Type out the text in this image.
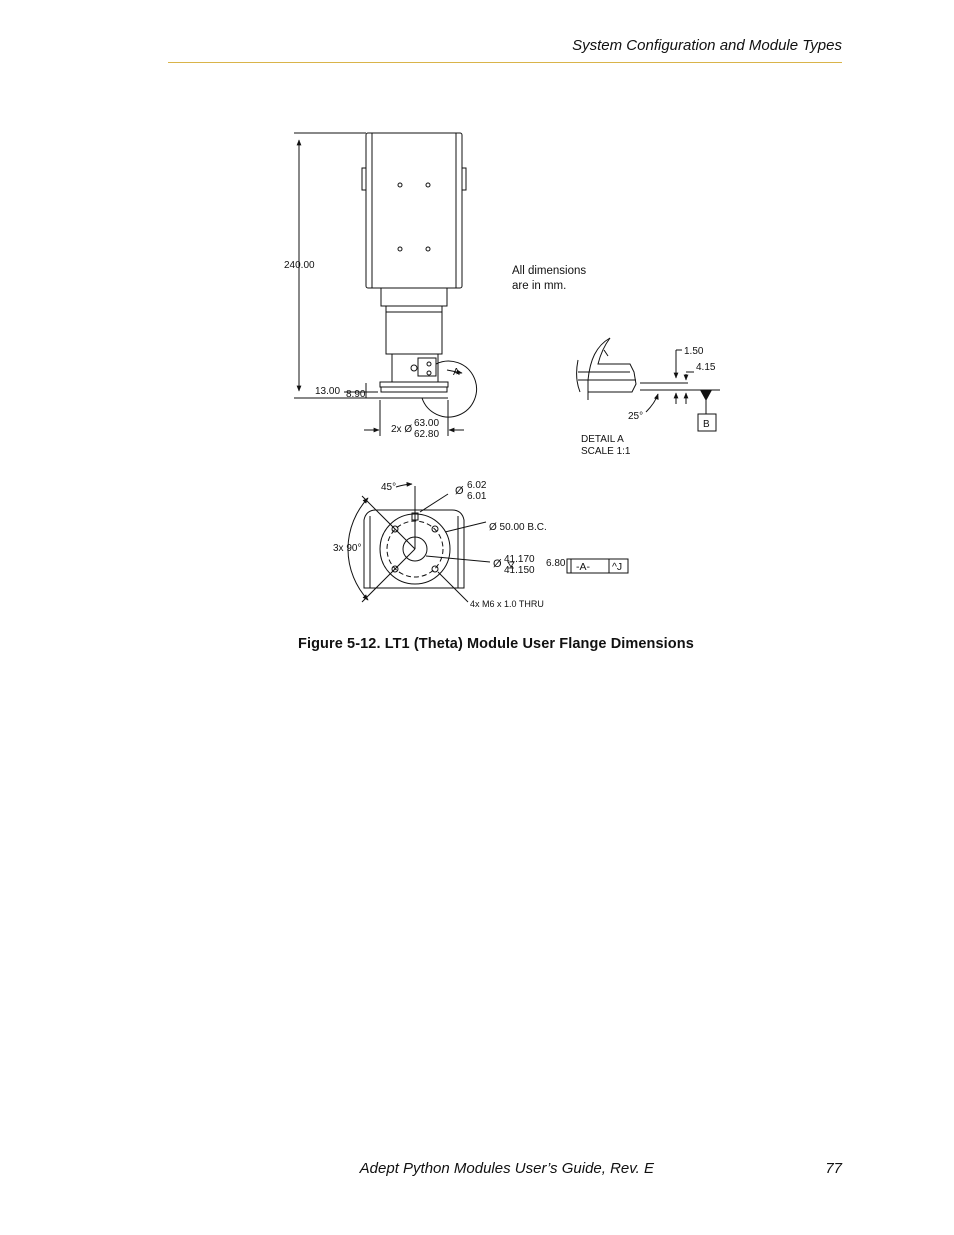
System Configuration and Module Types
A
240.00
13.00 8.90
2x Ø
63.00
62.80
All dimensions
are in mm.
1.50
4.15
25°
B
DETAIL A
SCALE 1:1
45°
3x 90°
Ø 6.02
6.01
Ø 50.00 B.C.
Ø 41.170
41.150
6.80 -A- ^J
4x M6 x 1.0 THRU
Figure 5-12. LT1 (Theta) Module User Flange Dimensions
Adept Python Modules User’s Guide, Rev. E	77
